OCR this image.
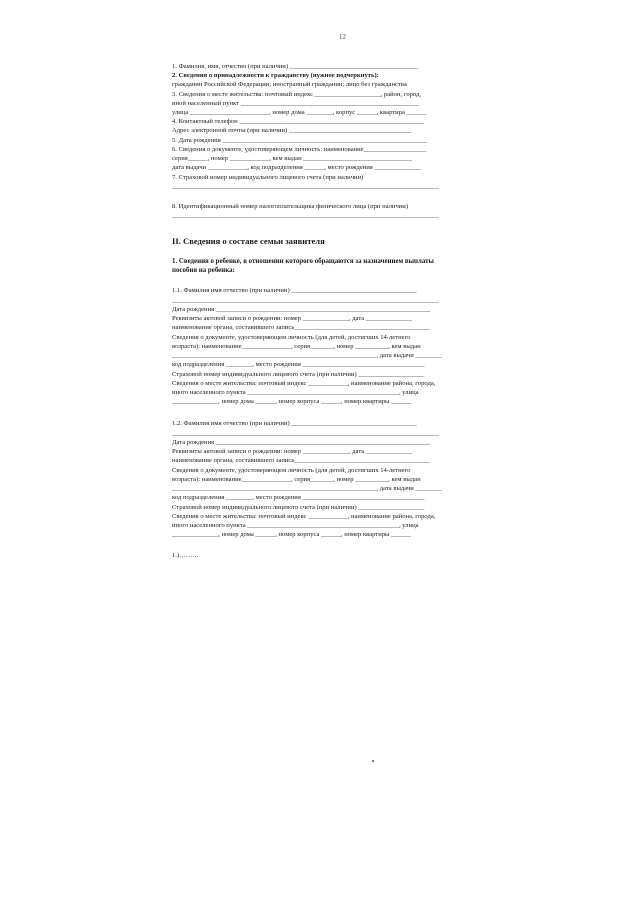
12
1. Фамилия, имя, отчество (при наличии) _______________________________________
2. Сведения о принадлежности к гражданству (нужное подчеркнуть):
гражданин Российской Федерации; иностранный гражданин; лицо без гражданства
3. Сведения о месте жительства: почтовый индекс ____________________, район, город,
иной населенный пункт ______________________________________________________
улица ________________________, номер дома ________, корпус ______, квартира ______
4. Контактный телефон ________________________________________________________
Адрес электронной почты (при наличии) _____________________________________
5. Дата рождения ______________________________________________________________
6. Сведения о документе, удостоверяющем личность: наименование___________________
серия______, номер ____________, кем выдан _________________________________
дата выдачи ____________, код подразделения ______, место рождения ______________
7. Страховой номер индивидуального лицевого счета (при наличии)
_________________________________________________________________________________
8. Идентификационный номер налогоплательщика физического лица (при наличии)
_________________________________________________________________________________
II. Сведения о составе семьи заявителя
1. Сведения о ребенке, в отношении которого обращаются за назначением выплаты
пособия на ребенка:
1.1. Фамилия имя отчество (при наличии) ______________________________________
_________________________________________________________________________________
Дата рождения _________________________________________________________________
Реквизиты актовой записи о рождении: номер ______________, дата ______________
наименование органа, составившего запись_________________________________________
Сведения о документе, удостоверяющем личность (для детей, достигших 14-летнего
возраста): наименование_______________, серия_______, номер __________, кем выдан
______________________________________________________________, дата выдачи ________
код подразделения ________, место рождения _____________________________________
Страховой номер индивидуального лицевого счета (при наличии) ____________________
Сведения о месте жительства: почтовый индекс ____________, наименование района, города,
иного населенного пункта ______________________________________________, улица
______________, номер дома ______, номер корпуса ______, номер квартиры ______
1.2. Фамилия имя отчество (при наличии) ______________________________________
_________________________________________________________________________________
Дата рождения _________________________________________________________________
Реквизиты актовой записи о рождении: номер ______________, дата ______________
наименование органа, составившего запись_________________________________________
Сведения о документе, удостоверяющем личность (для детей, достигших 14-летнего
возраста): наименование_______________, серия_______, номер __________, кем выдан
______________________________________________________________, дата выдачи ________
код подразделения ________, место рождения _____________________________________
Страховой номер индивидуального лицевого счета (при наличии) ____________________
Сведения о месте жительства: почтовый индекс ____________, наименование района, города,
иного населенного пункта ______________________________________________, улица
______________, номер дома ______, номер корпуса ______, номер квартиры ______
1.)………
